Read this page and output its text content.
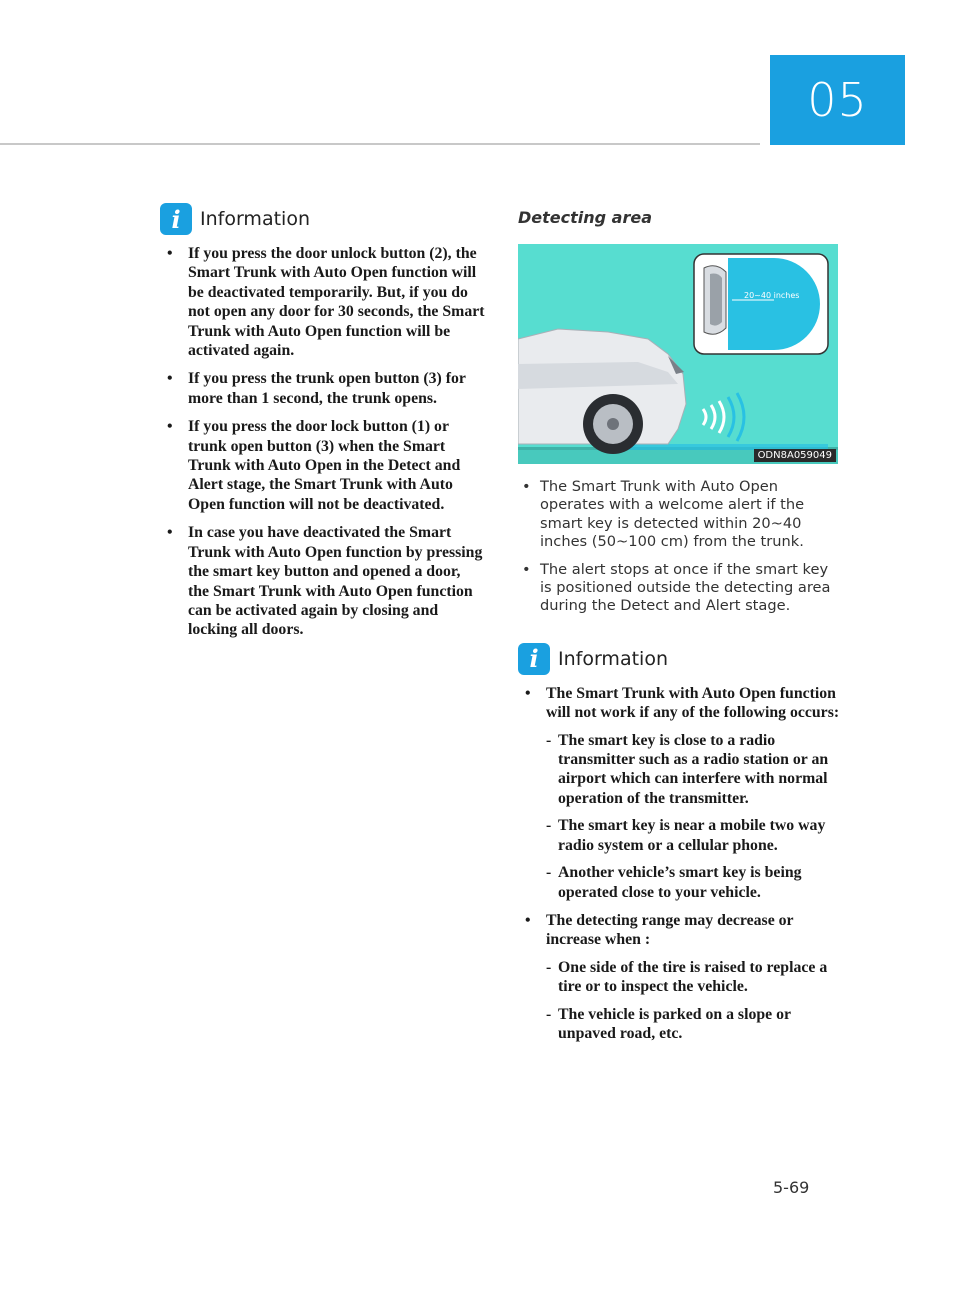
05
i	Information
• If you press the door unlock button (2), the Smart Trunk with Auto Open function will be deactivated temporarily. But, if you do not open any door for 30 seconds, the Smart Trunk with Auto Open function will be activated again.
• If you press the trunk open button (3) for more than 1 second, the trunk opens.
• If you press the door lock button (1) or trunk open button (3) when the Smart Trunk with Auto Open in the Detect and Alert stage, the Smart Trunk with Auto Open function will not be deactivated.
• In case you have deactivated the Smart Trunk with Auto Open function by pressing the smart key button and opened a door, the Smart Trunk with Auto Open function can be activated again by closing and locking all doors.
Detecting area
20~40 inches
ODN8A059049
• The Smart Trunk with Auto Open operates with a welcome alert if the smart key is detected within 20~40 inches (50~100 cm) from the trunk.
• The alert stops at once if the smart key is positioned outside the detecting area during the Detect and Alert stage.
i	Information
• The Smart Trunk with Auto Open function will not work if any of the following occurs:
- The smart key is close to a radio transmitter such as a radio station or an airport which can interfere with normal operation of the transmitter.
- The smart key is near a mobile two way radio system or a cellular phone.
- Another vehicle’s smart key is being operated close to your vehicle.
• The detecting range may decrease or increase when :
- One side of the tire is raised to replace a tire or to inspect the vehicle.
- The vehicle is parked on a slope or unpaved road, etc.
5-69
